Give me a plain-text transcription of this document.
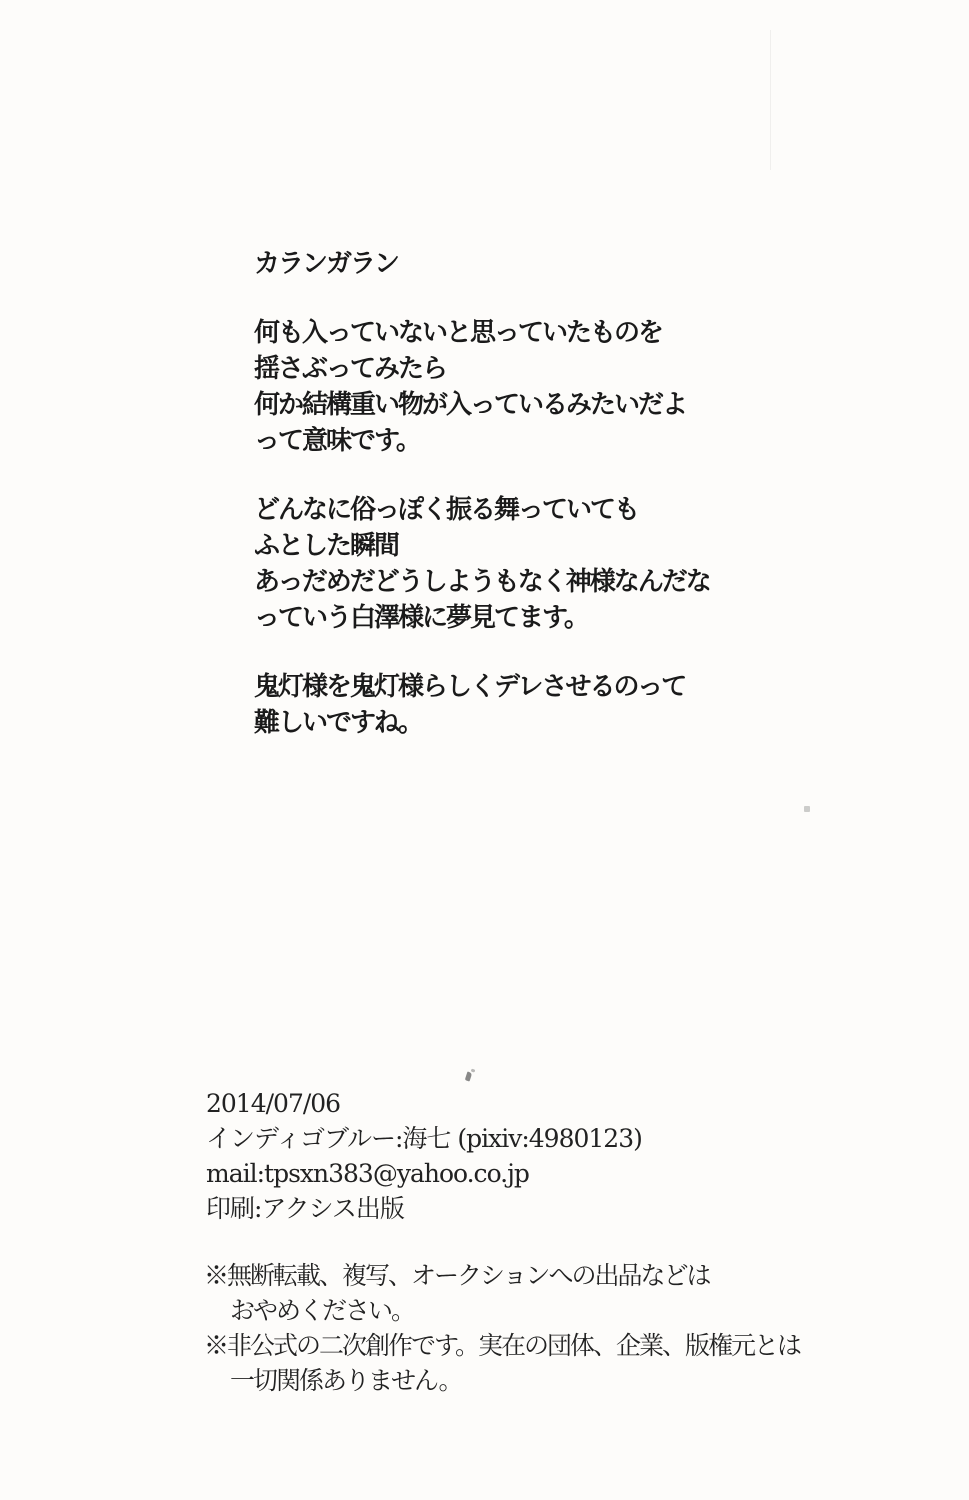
カランガラン
何も入っていないと思っていたものを
揺さぶってみたら
何か結構重い物が入っているみたいだよ
って意味です。
どんなに俗っぽく振る舞っていても
ふとした瞬間
あっだめだどうしようもなく神様なんだな
っていう白澤様に夢見てます。
鬼灯様を鬼灯様らしくデレさせるのって
難しいですね。
2014/07/06
インディゴブルー:海七 (pixiv:4980123)
mail:tpsxn383@yahoo.co.jp
印刷:アクシス出版
※無断転載、複写、オークションへの出品などは
おやめください。
※非公式の二次創作です。実在の団体、企業、版権元とは
一切関係ありません。
